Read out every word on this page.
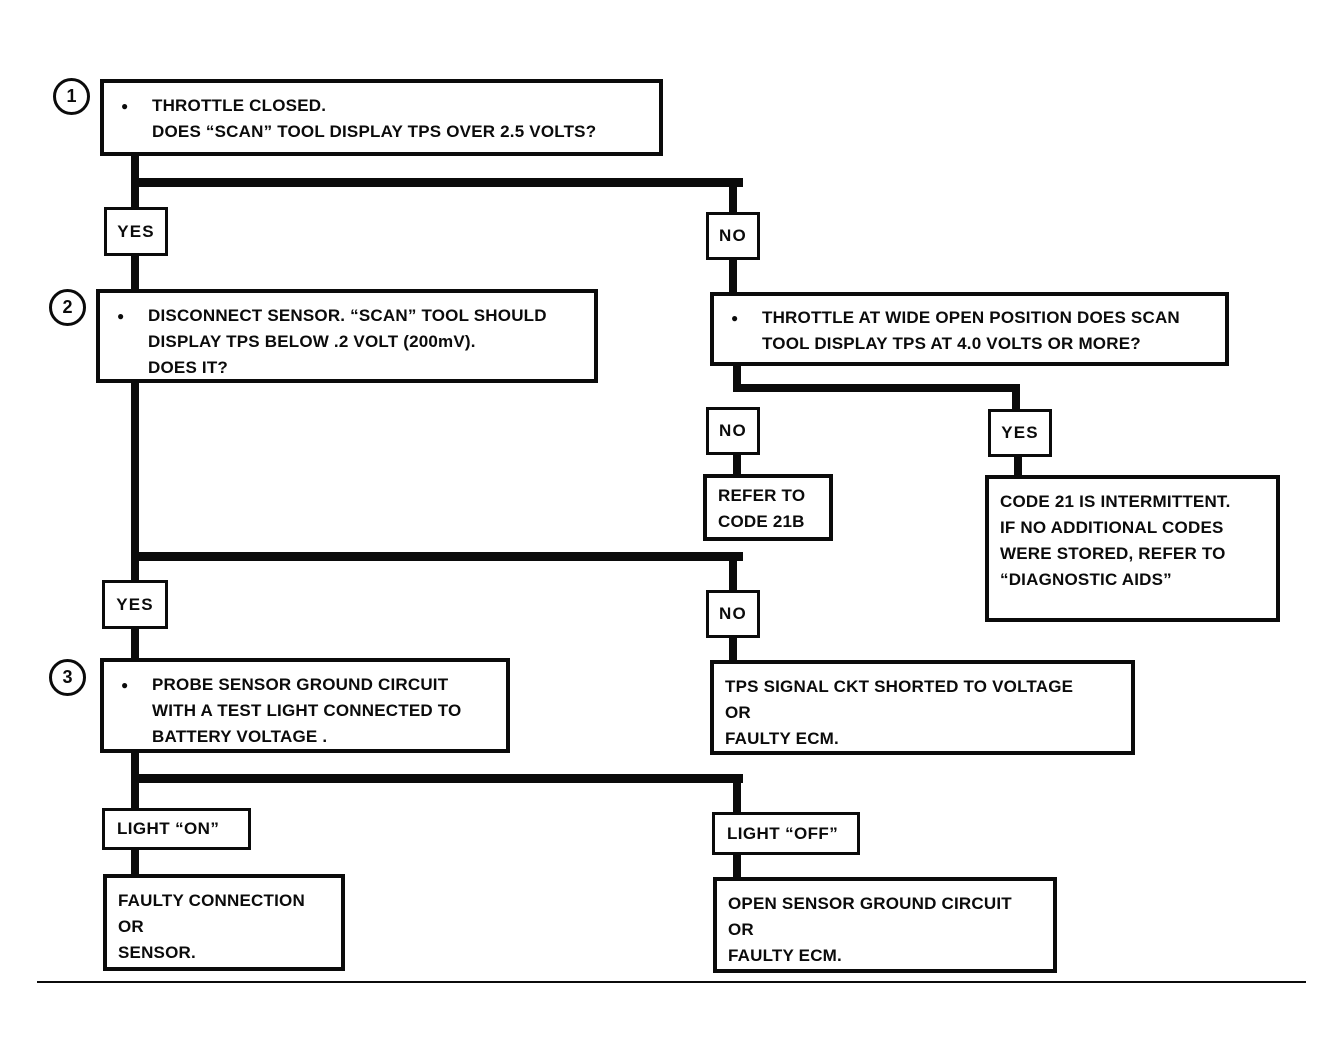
1
2
3
●	THROTTLE CLOSED.
DOES “SCAN” TOOL DISPLAY TPS OVER 2.5 VOLTS?
YES	NO
●	DISCONNECT SENSOR. “SCAN” TOOL SHOULD
DISPLAY TPS BELOW .2 VOLT (200mV).
DOES IT?
●	THROTTLE AT WIDE OPEN POSITION DOES SCAN
TOOL DISPLAY TPS AT 4.0 VOLTS OR MORE?
NO	YES
REFER TO
CODE 21B
CODE 21 IS INTERMITTENT.
IF NO ADDITIONAL CODES
WERE STORED, REFER TO
“DIAGNOSTIC AIDS”
YES	NO
●	PROBE SENSOR GROUND CIRCUIT
WITH A TEST LIGHT CONNECTED TO
BATTERY VOLTAGE .
TPS SIGNAL CKT SHORTED TO VOLTAGE
OR
FAULTY ECM.
LIGHT “ON”	LIGHT “OFF”
FAULTY CONNECTION
OR
SENSOR.
OPEN SENSOR GROUND CIRCUIT
OR
FAULTY ECM.
